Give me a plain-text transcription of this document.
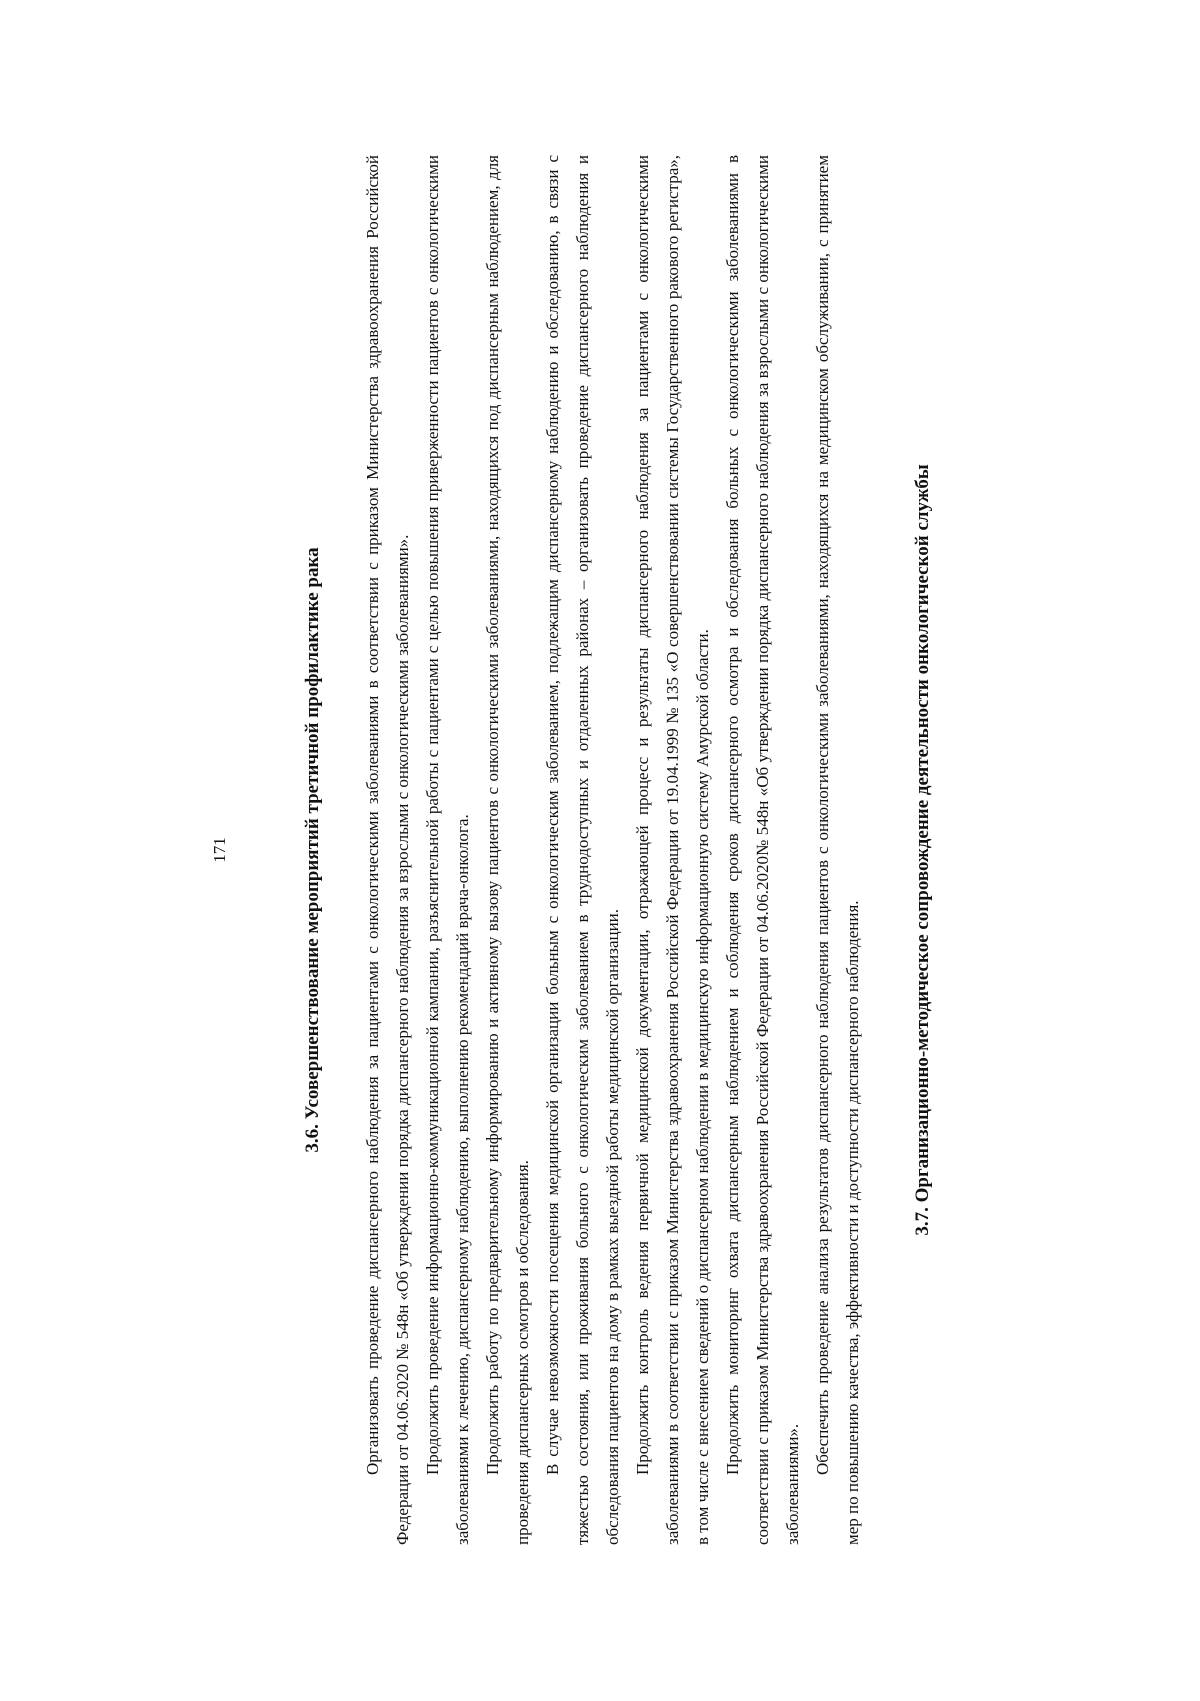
171	3.6. Усовершенствование мероприятий третичной профилактике рака Организовать проведение диспансерного наблюдения за пациентами с онкологическими заболеваниями в соответствии с приказом Министерства здравоохранения Российской Федерации от 04.06.2020 № 548н «Об утверждении порядка диспансерного наблюдения за взрослыми с онкологическими заболеваниями». Продолжить проведение информационно-коммуникационной кампании, разъяснительной работы с пациентами с целью повышения приверженности пациентов с онкологическими заболеваниями к лечению, диспансерному наблюдению, выполнению рекомендаций врача-онколога. Продолжить работу по предварительному информированию и активному вызову пациентов с онкологическими заболеваниями, находящихся под диспансерным наблюдением, для проведения диспансерных осмотров и обследования. В случае невозможности посещения медицинской организации больным с онкологическим заболеванием, подлежащим диспансерному наблюдению и обследованию, в связи с тяжестью состояния, или проживания больного с онкологическим заболеванием в труднодоступных и отдаленных районах – организовать проведение диспансерного наблюдения и обследования пациентов на дому в рамках выездной работы медицинской организации. Продолжить контроль ведения первичной медицинской документации, отражающей процесс и результаты диспансерного наблюдения за пациентами с онкологическими заболеваниями в соответствии с приказом Министерства здравоохранения Российской Федерации от 19.04.1999 № 135 «О совершенствовании системы Государственного ракового регистра», в том числе с внесением сведений о диспансерном наблюдении в медицинскую информационную систему Амурской области. Продолжить мониторинг охвата диспансерным наблюдением и соблюдения сроков диспансерного осмотра и обследования больных с онкологическими заболеваниями в соответствии с приказом Министерства здравоохранения Российской Федерации от 04.06.2020№ 548н «Об утверждении порядка диспансерного наблюдения за взрослыми с онкологическими заболеваниями».

Обеспечить проведение анализа результатов диспансерного наблюдения пациентов с онкологическими заболеваниями, находящихся на медицинском обслуживании, с принятием мер по повышению качества, эффективности и доступности диспансерного наблюдения.	3.7. Организационно-методическое сопровождение деятельности онкологической службы
